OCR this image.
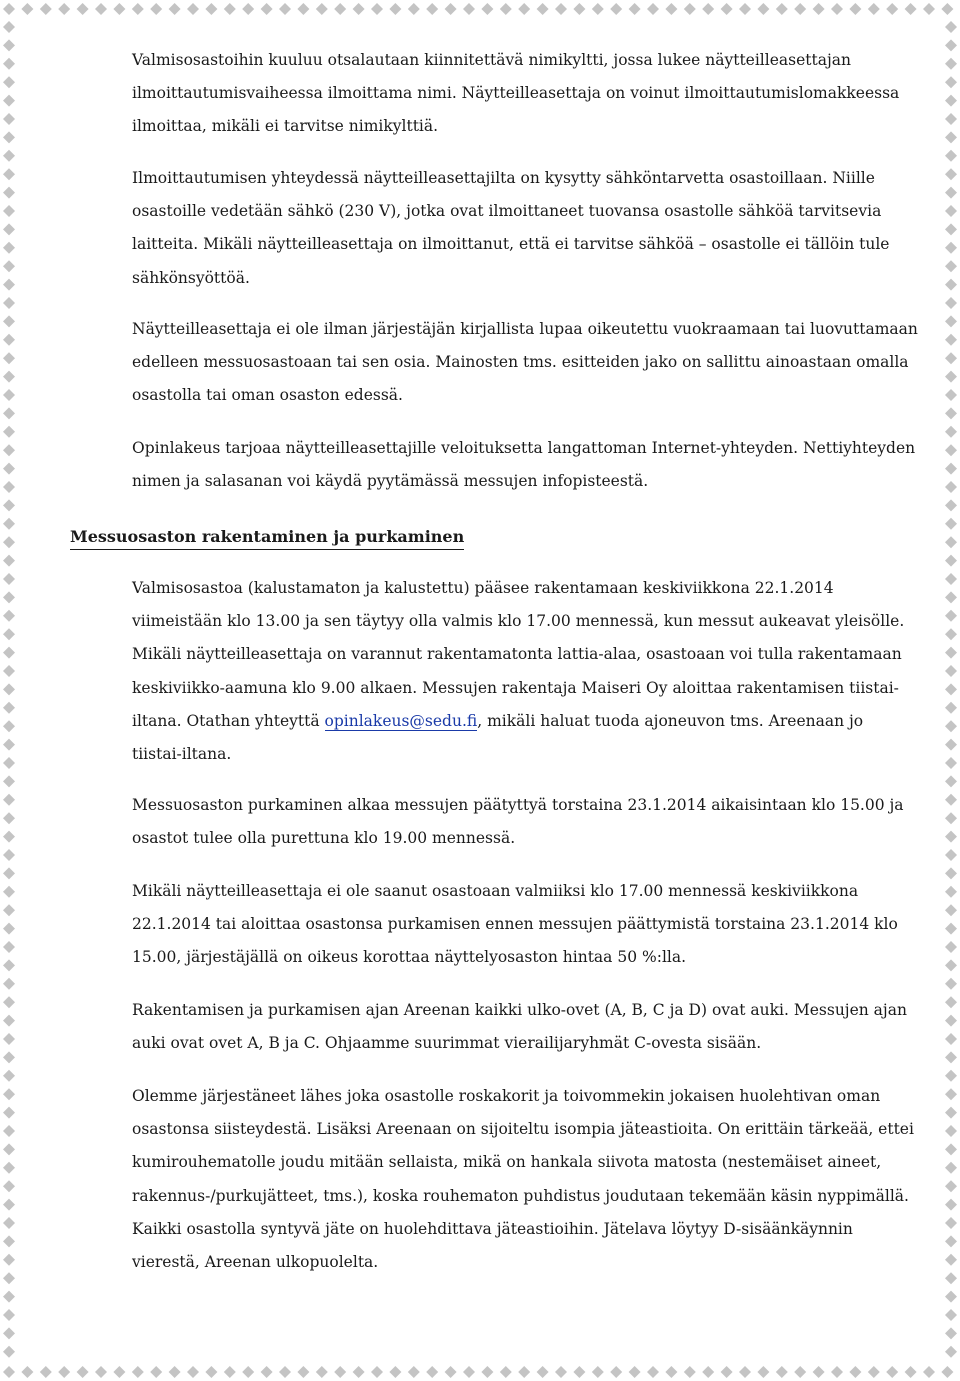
Valmisosastoihin kuuluu otsalautaan kiinnitettävä nimikyltti, jossa lukee näytteilleasettajan
ilmoittautumisvaiheessa ilmoittama nimi. Näytteilleasettaja on voinut ilmoittautumislomakkeessa
ilmoittaa, mikäli ei tarvitse nimikylttiä.

Ilmoittautumisen yhteydessä näytteilleasettajilta on kysytty sähköntarvetta osastoillaan. Niille
osastoille vedetään sähkö (230 V), jotka ovat ilmoittaneet tuovansa osastolle sähköä tarvitsevia
laitteita. Mikäli näytteilleasettaja on ilmoittanut, että ei tarvitse sähköä – osastolle ei tällöin tule
sähkönsyöttöä.

Näytteilleasettaja ei ole ilman järjestäjän kirjallista lupaa oikeutettu vuokraamaan tai luovuttamaan
edelleen messuosastoaan tai sen osia. Mainosten tms. esitteiden jako on sallittu ainoastaan omalla
osastolla tai oman osaston edessä.

Opinlakeus tarjoaa näytteilleasettajille veloituksetta langattoman Internet-yhteyden. Nettiyhteyden
nimen ja salasanan voi käydä pyytämässä messujen infopisteestä.

Messuosaston rakentaminen ja purkaminen

Valmisosastoa (kalustamaton ja kalustettu) pääsee rakentamaan keskiviikkona 22.1.2014
viimeistään klo 13.00 ja sen täytyy olla valmis klo 17.00 mennessä, kun messut aukeavat yleisölle.
Mikäli näytteilleasettaja on varannut rakentamatonta lattia-alaa, osastoaan voi tulla rakentamaan
keskiviikko-aamuna klo 9.00 alkaen. Messujen rakentaja Maiseri Oy aloittaa rakentamisen tiistai-
iltana. Otathan yhteyttä opinlakeus@sedu.fi, mikäli haluat tuoda ajoneuvon tms. Areenaan jo
tiistai-iltana.

Messuosaston purkaminen alkaa messujen päätyttyä torstaina 23.1.2014 aikaisintaan klo 15.00 ja
osastot tulee olla purettuna klo 19.00 mennessä.

Mikäli näytteilleasettaja ei ole saanut osastoaan valmiiksi klo 17.00 mennessä keskiviikkona
22.1.2014 tai aloittaa osastonsa purkamisen ennen messujen päättymistä torstaina 23.1.2014 klo
15.00, järjestäjällä on oikeus korottaa näyttelyosaston hintaa 50 %:lla.

Rakentamisen ja purkamisen ajan Areenan kaikki ulko-ovet (A, B, C ja D) ovat auki. Messujen ajan
auki ovat ovet A, B ja C. Ohjaamme suurimmat vierailijaryhmät C-ovesta sisään.

Olemme järjestäneet lähes joka osastolle roskakorit ja toivommekin jokaisen huolehtivan oman
osastonsa siisteydestä. Lisäksi Areenaan on sijoiteltu isompia jäteastioita. On erittäin tärkeää, ettei
kumirouhematolle joudu mitään sellaista, mikä on hankala siivota matosta (nestemäiset aineet,
rakennus-/purkujätteet, tms.), koska rouhematon puhdistus joudutaan tekemään käsin nyppimällä.
Kaikki osastolla syntyvä jäte on huolehdittava jäteastioihin. Jätelava löytyy D-sisäänkäynnin
vierestä, Areenan ulkopuolelta.
